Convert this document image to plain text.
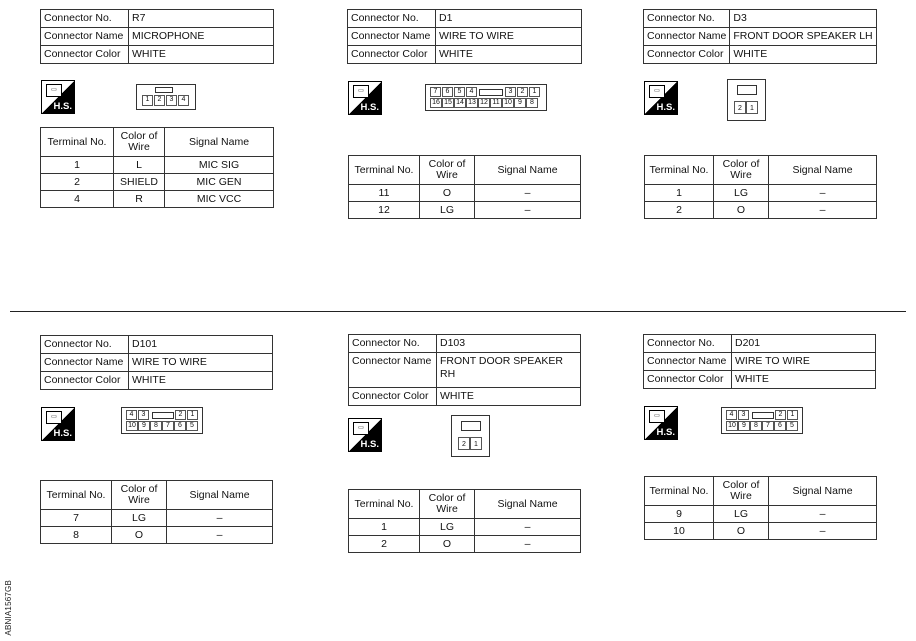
Connector No.	R7
Connector Name	MICROPHONE
Connector Color	WHITE
▭
H.S.
1	2	3	4
Terminal No.	Color of Wire	Signal Name
1	L	MIC SIG
2	SHIELD	MIC GEN
4	R	MIC VCC
Connector No.	D1
Connector Name	WIRE TO WIRE
Connector Color	WHITE
▭
H.S.
7	6	5	4	3	2	1
16 15 14 13 12 11 10 9	8
Terminal No.	Color of Wire	Signal Name
11	O	–
12	LG	–
Connector No.	D3
Connector Name	FRONT DOOR SPEAKER LH
Connector Color	WHITE
▭
H.S.	2	1
Terminal No.	Color of Wire	Signal Name
1	LG	–
2	O	–
Connector No.	D101
Connector Name	WIRE TO WIRE
Connector Color	WHITE
▭
H.S.
4	3	2	1
10 9	8	7	6	5
Terminal No.	Color of Wire	Signal Name
7	LG	–
8	O	–
Connector No.	D103
Connector Name	FRONT DOOR SPEAKER RH
Connector Color	WHITE
▭
H.S.	2	1
Terminal No.	Color of Wire	Signal Name
1	LG	–
2	O	–
Connector No.	D201
Connector Name	WIRE TO WIRE
Connector Color	WHITE
▭
H.S.
4	3	2	1
10 9	8	7	6	5
Terminal No.	Color of Wire	Signal Name
9	LG	–
10	O	–
ABNIA1567GB
